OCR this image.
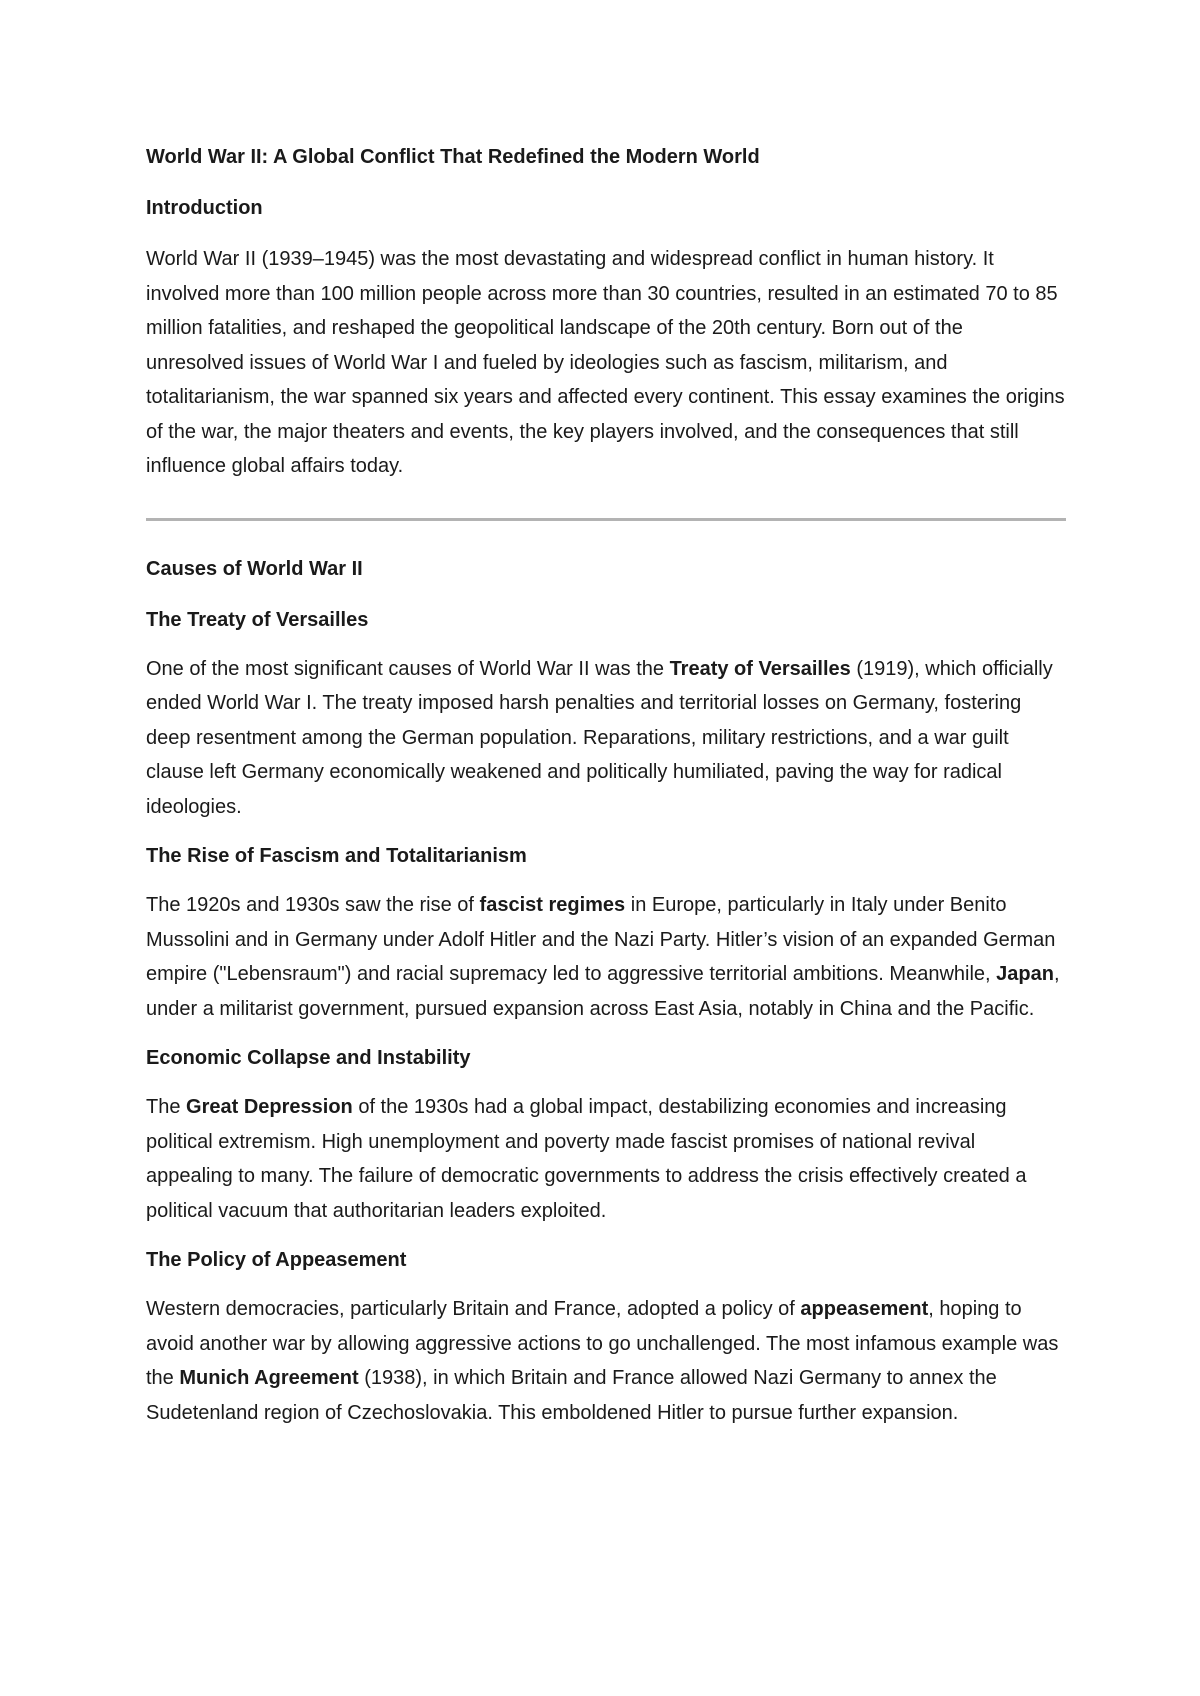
World War II: A Global Conflict That Redefined the Modern World
Introduction

World War II (1939–1945) was the most devastating and widespread conflict in human history. It involved more than 100 million people across more than 30 countries, resulted in an estimated 70 to 85 million fatalities, and reshaped the geopolitical landscape of the 20th century. Born out of the unresolved issues of World War I and fueled by ideologies such as fascism, militarism, and totalitarianism, the war spanned six years and affected every continent. This essay examines the origins of the war, the major theaters and events, the key players involved, and the consequences that still influence global affairs today.

Causes of World War II
The Treaty of Versailles

One of the most significant causes of World War II was the Treaty of Versailles (1919), which officially ended World War I. The treaty imposed harsh penalties and territorial losses on Germany, fostering deep resentment among the German population. Reparations, military restrictions, and a war guilt clause left Germany economically weakened and politically humiliated, paving the way for radical ideologies.

The Rise of Fascism and Totalitarianism

The 1920s and 1930s saw the rise of fascist regimes in Europe, particularly in Italy under Benito Mussolini and in Germany under Adolf Hitler and the Nazi Party. Hitler’s vision of an expanded German empire ("Lebensraum") and racial supremacy led to aggressive territorial ambitions. Meanwhile, Japan, under a militarist government, pursued expansion across East Asia, notably in China and the Pacific.

Economic Collapse and Instability

The Great Depression of the 1930s had a global impact, destabilizing economies and increasing political extremism. High unemployment and poverty made fascist promises of national revival appealing to many. The failure of democratic governments to address the crisis effectively created a political vacuum that authoritarian leaders exploited.

The Policy of Appeasement

Western democracies, particularly Britain and France, adopted a policy of appeasement, hoping to avoid another war by allowing aggressive actions to go unchallenged. The most infamous example was the Munich Agreement (1938), in which Britain and France allowed Nazi Germany to annex the Sudetenland region of Czechoslovakia. This emboldened Hitler to pursue further expansion.
